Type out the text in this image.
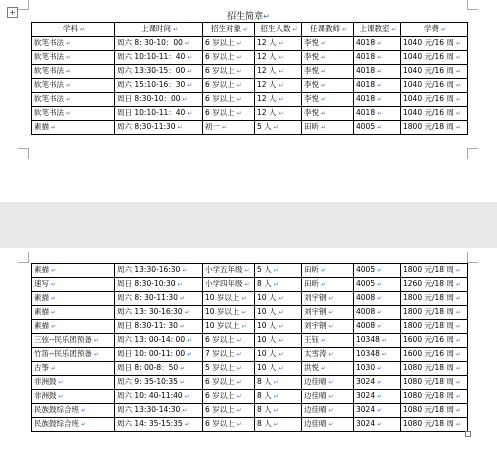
+	招生简章↵
学科 ↵	上课时间 ↵	招生对象 ↵	招生人数 ↵	任课教师 ↵	上课教室 ↵	学费 ↵
软笔书法 ↵	周六 8: 30-10：00 ↵	6 岁以上 ↵	12 人 ↵	李悦 ↵	4018 ↵	1040 元/16 周 ↵
软笔书法 ↵	周六 10:10-11：40 ↵	6 岁以上 ↵	12 人 ↵	李悦 ↵	4018 ↵	1040 元/16 周 ↵
软笔书法 ↵	周六 13:30-15：00 ↵	6 岁以上 ↵	12 人 ↵	李悦 ↵	4018 ↵	1040 元/16 周 ↵
软笔书法 ↵	周六 15:10-16：30 ↵	6 岁以上 ↵	12 人 ↵	李悦 ↵	4018 ↵	1040 元/16 周 ↵
软笔书法 ↵	周日 8:30-10：00 ↵	6 岁以上 ↵	12 人 ↵	李悦 ↵	4018 ↵	1040 元/16 周 ↵
软笔书法 ↵	周日 10:10-11：40 ↵	6 岁以上 ↵	12 人 ↵	李悦 ↵	4018 ↵	1040 元/16 周 ↵
素描 ↵	周六 8:30-11:30 ↵	初一 ↵	5 人 ↵	田昕 ↵	4005 ↵	1800 元/18 周 ↵
素描 ↵	周六 13:30-16:30 ↵	小学五年级 ↵	5 人 ↵	田昕 ↵	4005 ↵	1800 元/18 周 ↵
速写 ↵	周日 8:30-10:30 ↵	小学四年级 ↵	8 人 ↵	田昕 ↵	4005 ↵	1260 元/18 周 ↵
素描 ↵	周六 8: 30-11:30 ↵	10 岁以上 ↵	10 人 ↵	刘宇钢 ↵	4008 ↵	1800 元/18 周 ↵
素描 ↵	周六 13: 30-16:30 ↵	10 岁以上 ↵	10 人 ↵	刘宇钢 ↵	4008 ↵	1800 元/18 周 ↵
素描 ↵	周日 8:30-11: 30 ↵	10 岁以上 ↵	10 人 ↵	刘宇钢 ↵	4008 ↵	1800 元/18 周 ↵
三弦--民乐团预备 ↵	周六 13: 00-14: 00 ↵	6 岁以上 ↵	10 人 ↵	王钰 ↵	10348 ↵	1600 元/16 周 ↵
竹笛--民乐团预备 ↵	周日 10: 00-11: 00 ↵	7 岁以上 ↵	10 人 ↵	太雪涛 ↵	10348 ↵	1600 元/16 周 ↵
古筝 ↵	周日 8: 00-8：50 ↵	5 岁以上 ↵	10 人 ↵	洪悦 ↵	1030 ↵	1080 元/18 周 ↵
非洲鼓 ↵	周六 9: 35-10:35 ↵	6 岁以上 ↵	8 人 ↵	边佳晴 ↵	3024 ↵	1080 元/18 周 ↵
非洲鼓 ↵	周六 10: 40-11:40 ↵	6 岁以上 ↵	8 人 ↵	边佳晴 ↵	3024 ↵	1080 元/18 周 ↵
民族鼓综合班 ↵	周六 13:30-14:30 ↵	6 岁以上 ↵	8 人 ↵	边佳晴 ↵	3024 ↵	1080 元/18 周 ↵
民族鼓综合班 ↵	周六 14: 35-15:35 ↵	6 岁以上 ↵	8 人 ↵	边佳晴 ↵	3024 ↵	1080 元/18 周 ↵
